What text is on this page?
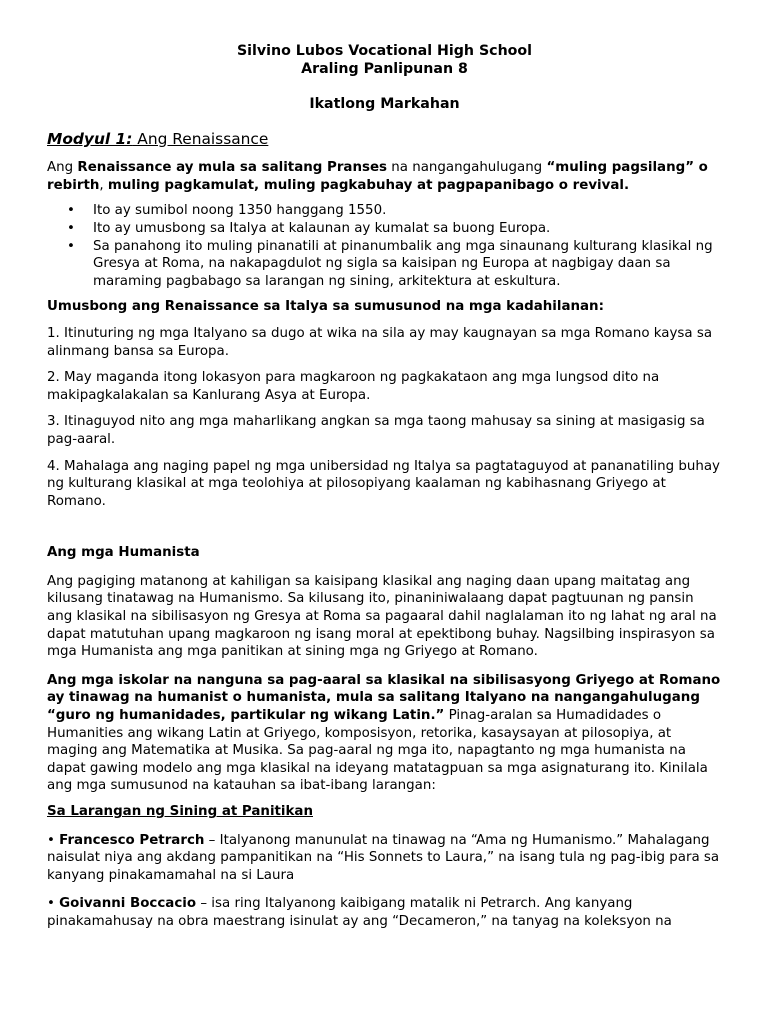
Silvino Lubos Vocational High School
Araling Panlipunan 8
Ikatlong Markahan
Modyul 1: Ang Renaissance

Ang Renaissance ay mula sa salitang Pranses na nangangahulugang “muling pagsilang” o rebirth, muling pagkamulat, muling pagkabuhay at pagpapanibago o revival.

• Ito ay sumibol noong 1350 hanggang 1550.
• Ito ay umusbong sa Italya at kalaunan ay kumalat sa buong Europa.
• Sa panahong ito muling pinanatili at pinanumbalik ang mga sinaunang kulturang klasikal ng Gresya at Roma, na nakapagdulot ng sigla sa kaisipan ng Europa at nagbigay daan sa maraming pagbabago sa larangan ng sining, arkitektura at eskultura.

Umusbong ang Renaissance sa Italya sa sumusunod na mga kadahilanan:

1. Itinuturing ng mga Italyano sa dugo at wika na sila ay may kaugnayan sa mga Romano kaysa sa alinmang bansa sa Europa.

2. May maganda itong lokasyon para magkaroon ng pagkakataon ang mga lungsod dito na makipagkalakalan sa Kanlurang Asya at Europa.

3. Itinaguyod nito ang mga maharlikang angkan sa mga taong mahusay sa sining at masigasig sa pag-aaral.

4. Mahalaga ang naging papel ng mga unibersidad ng Italya sa pagtataguyod at pananatiling buhay ng kulturang klasikal at mga teolohiya at pilosopiyang kaalaman ng kabihasnang Griyego at Romano.

Ang mga Humanista

Ang pagiging matanong at kahiligan sa kaisipang klasikal ang naging daan upang maitatag ang kilusang tinatawag na Humanismo. Sa kilusang ito, pinaniniwalaang dapat pagtuunan ng pansin ang klasikal na sibilisasyon ng Gresya at Roma sa pagaaral dahil naglalaman ito ng lahat ng aral na dapat matutuhan upang magkaroon ng isang moral at epektibong buhay. Nagsilbing inspirasyon sa mga Humanista ang mga panitikan at sining mga ng Griyego at Romano.

Ang mga iskolar na nanguna sa pag-aaral sa klasikal na sibilisasyong Griyego at Romano ay tinawag na humanist o humanista, mula sa salitang Italyano na nangangahulugang “guro ng humanidades, partikular ng wikang Latin.” Pinag-aralan sa Humadidades o Humanities ang wikang Latin at Griyego, komposisyon, retorika, kasaysayan at pilosopiya, at maging ang Matematika at Musika. Sa pag-aaral ng mga ito, napagtanto ng mga humanista na dapat gawing modelo ang mga klasikal na ideyang matatagpuan sa mga asignaturang ito. Kinilala ang mga sumusunod na katauhan sa ibat-ibang larangan:

Sa Larangan ng Sining at Panitikan

• Francesco Petrarch – Italyanong manunulat na tinawag na “Ama ng Humanismo.” Mahalagang naisulat niya ang akdang pampanitikan na “His Sonnets to Laura,” na isang tula ng pag-ibig para sa kanyang pinakamamahal na si Laura

• Goivanni Boccacio – isa ring Italyanong kaibigang matalik ni Petrarch. Ang kanyang pinakamahusay na obra maestrang isinulat ay ang “Decameron,” na tanyag na koleksyon na
